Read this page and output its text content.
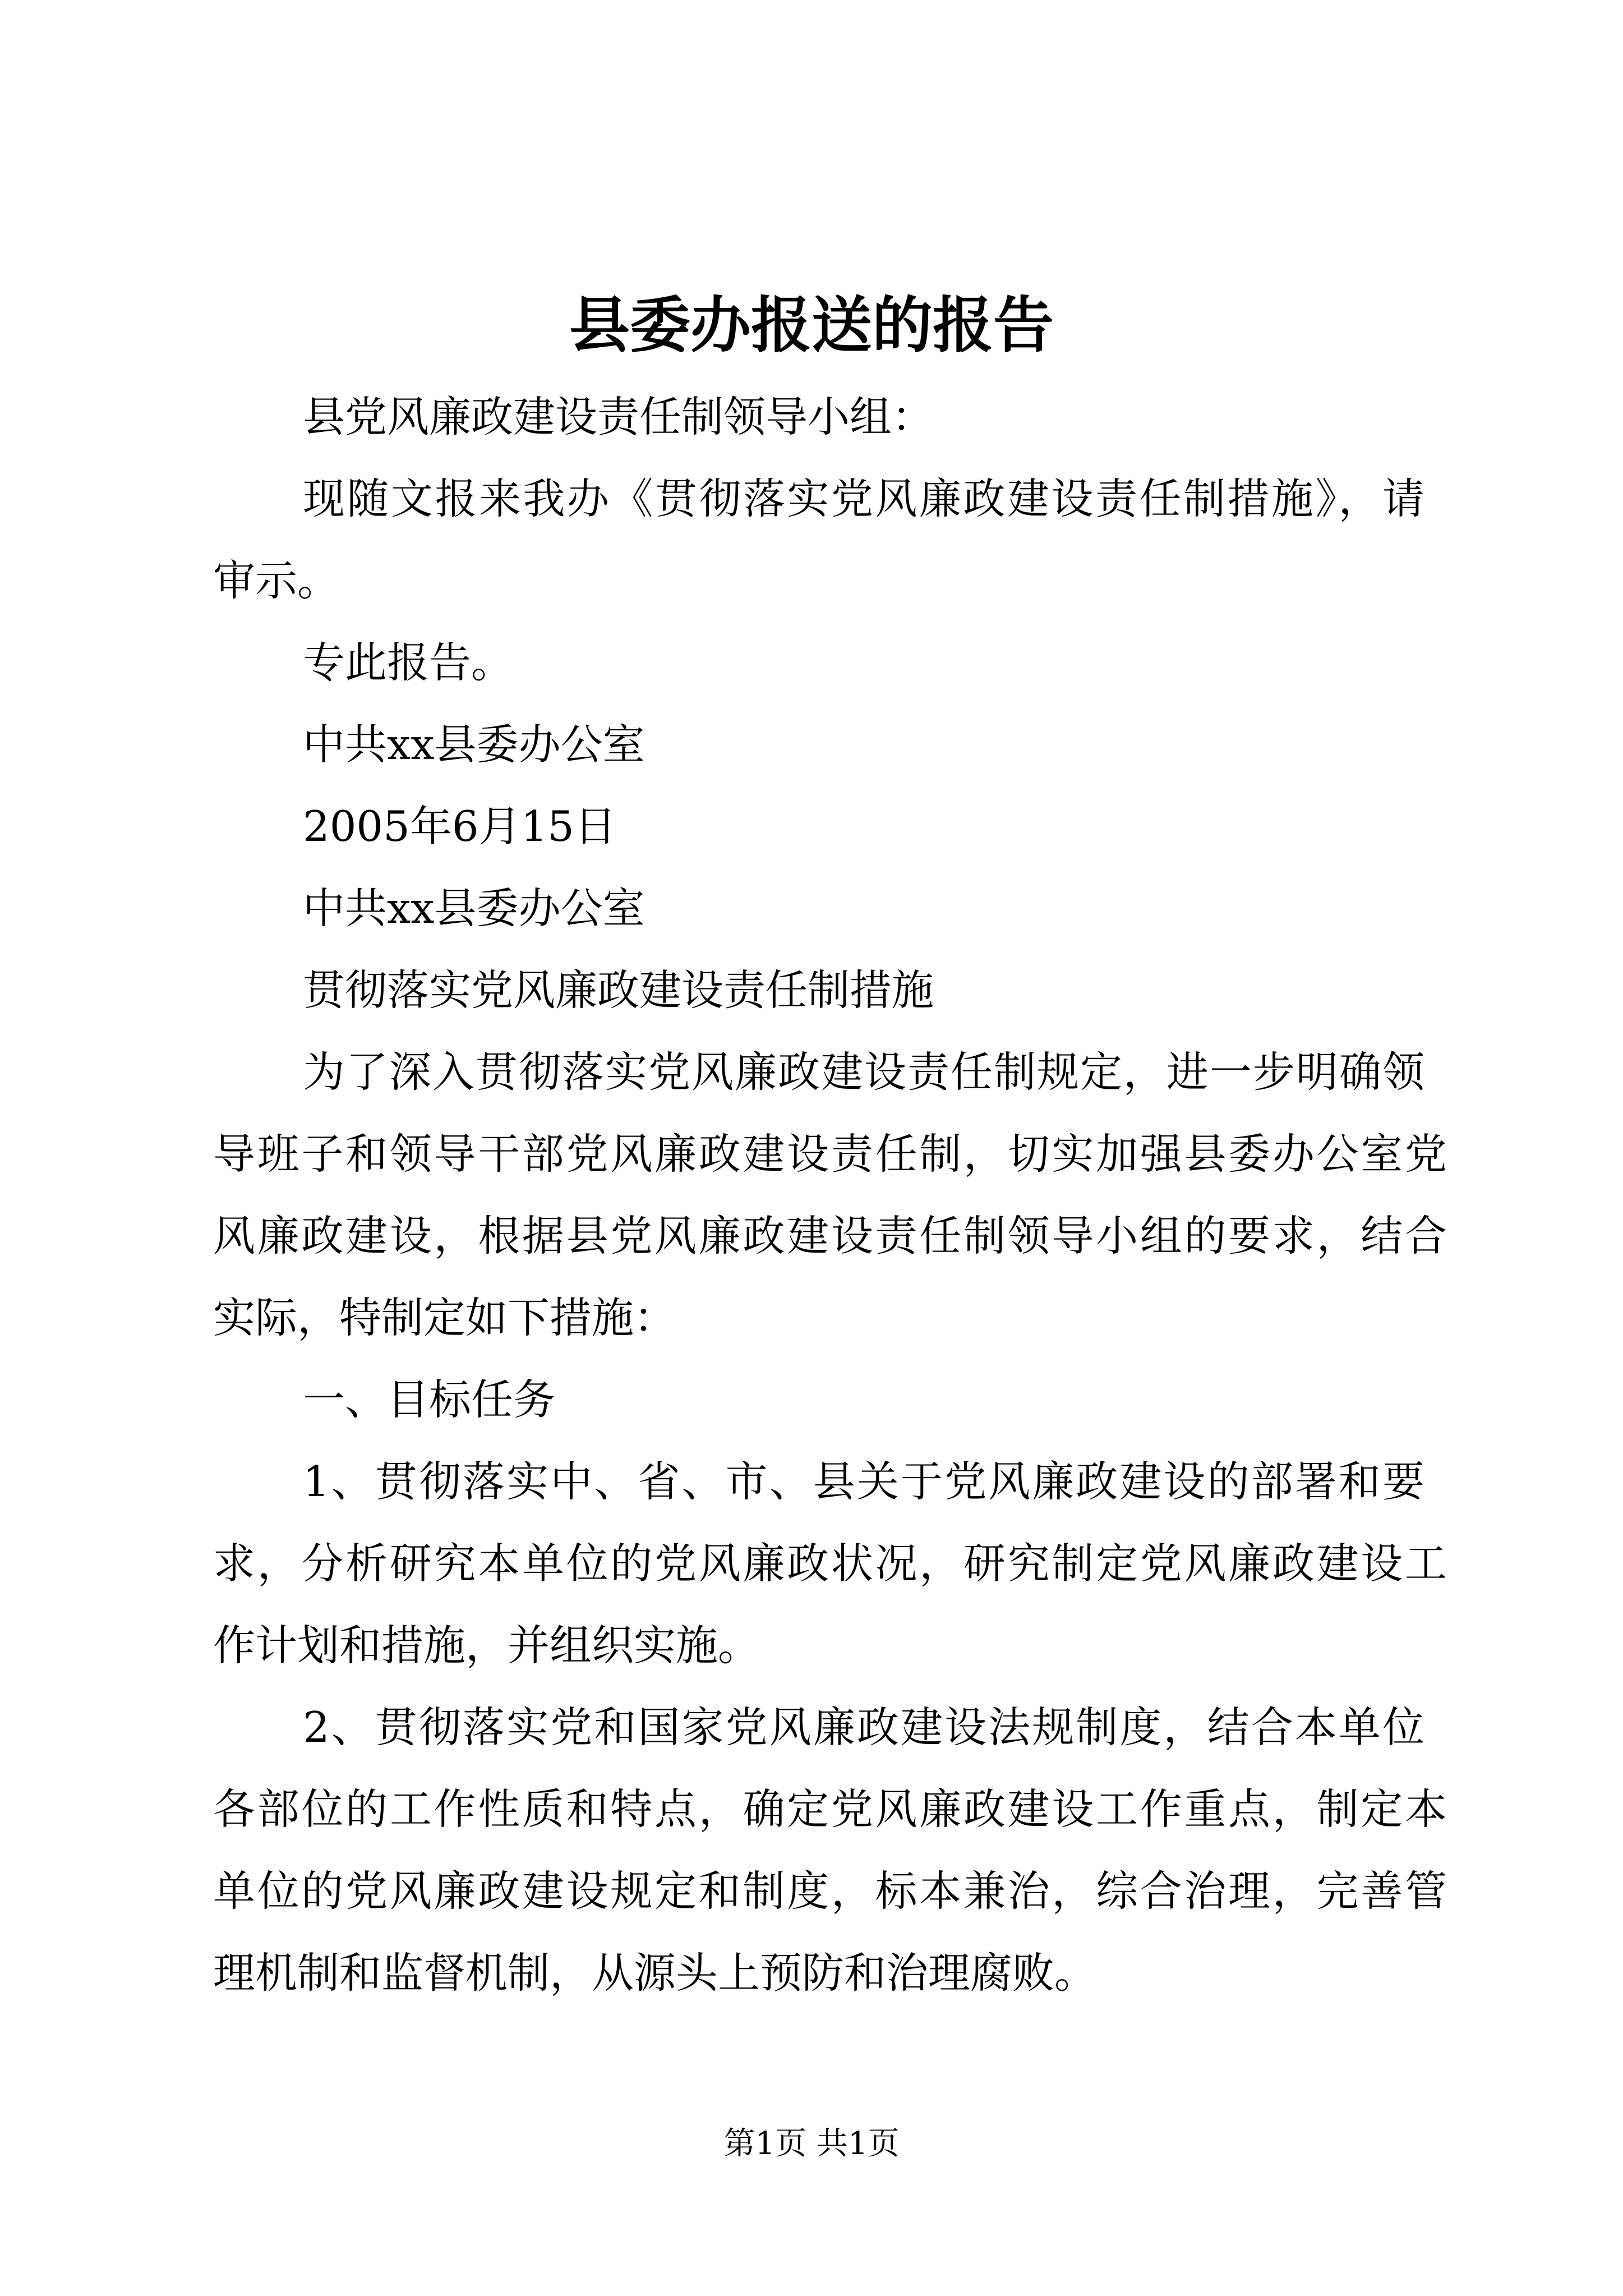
县委办报送的报告
县党风廉政建设责任制领导小组：
现随文报来我办《贯彻落实党风廉政建设责任制措施》，请
审示。
专此报告。
中共xx县委办公室
2005年6月15日
中共xx县委办公室
贯彻落实党风廉政建设责任制措施
为了深入贯彻落实党风廉政建设责任制规定，进一步明确领
导班子和领导干部党风廉政建设责任制，切实加强县委办公室党
风廉政建设，根据县党风廉政建设责任制领导小组的要求，结合
实际，特制定如下措施：
一、目标任务
1、贯彻落实中、省、市、县关于党风廉政建设的部署和要
求，分析研究本单位的党风廉政状况，研究制定党风廉政建设工
作计划和措施，并组织实施。
2、贯彻落实党和国家党风廉政建设法规制度，结合本单位
各部位的工作性质和特点，确定党风廉政建设工作重点，制定本
单位的党风廉政建设规定和制度，标本兼治，综合治理，完善管
理机制和监督机制，从源头上预防和治理腐败。
第1页 共1页
